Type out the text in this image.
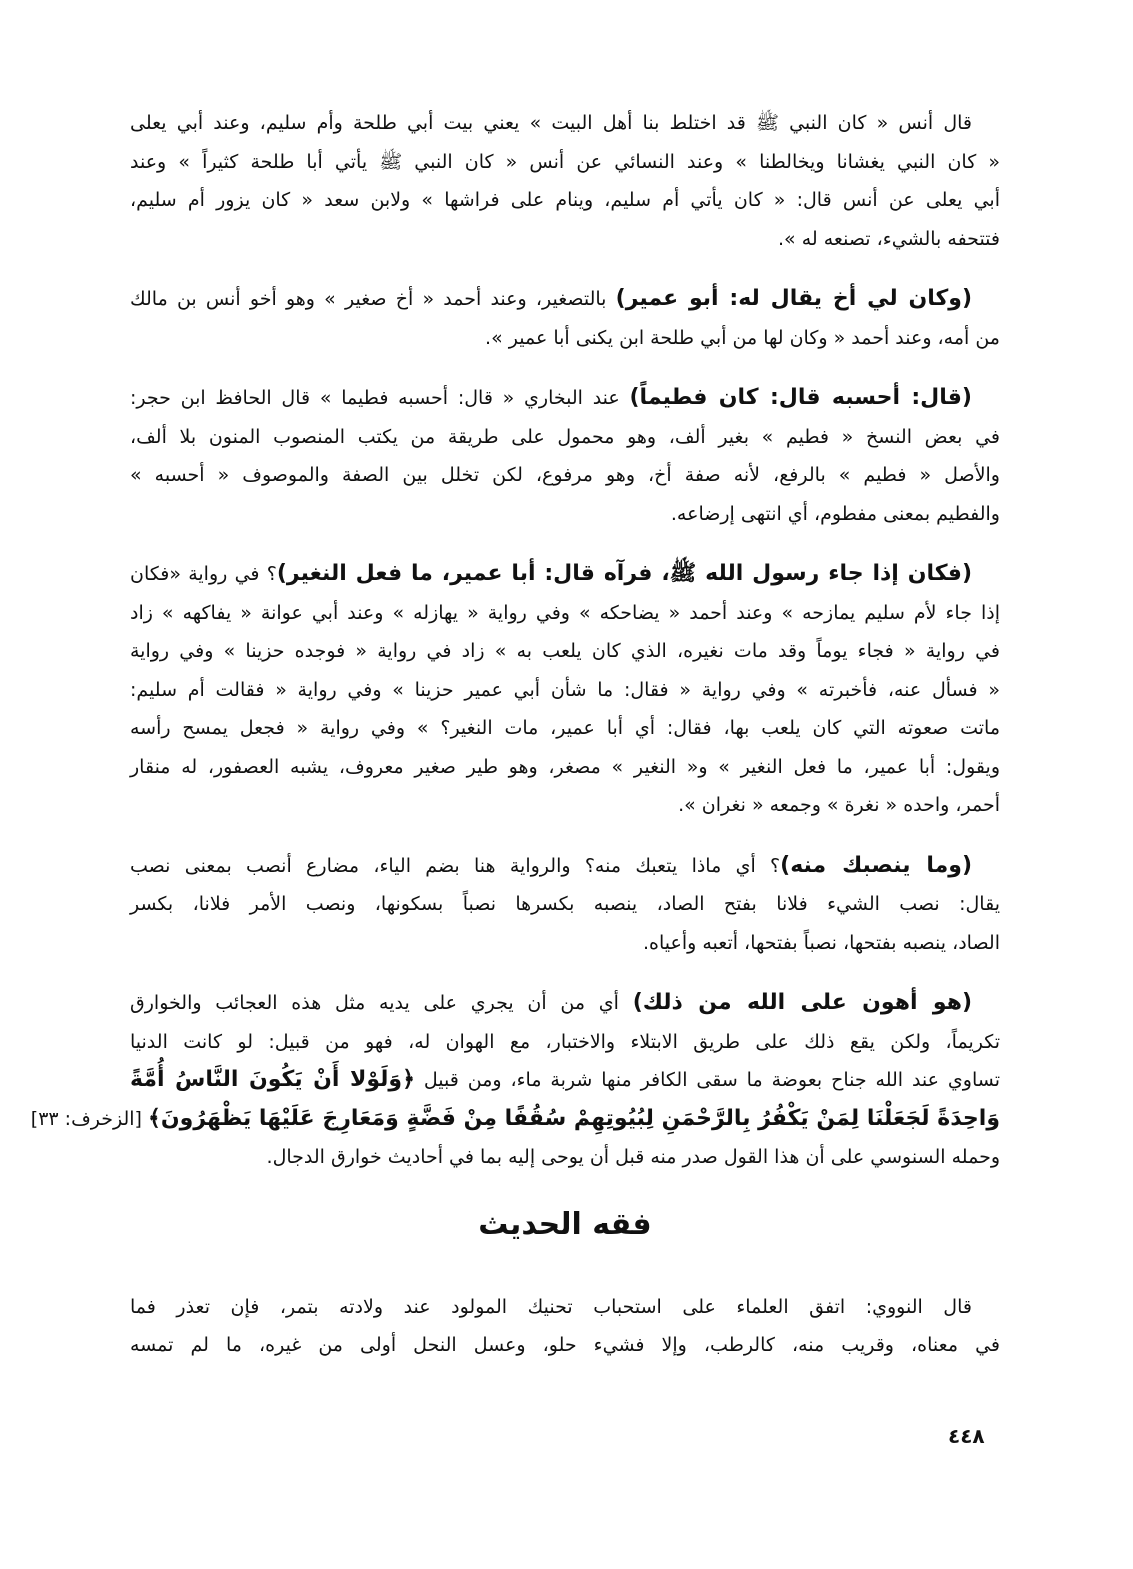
قال أنس « كان النبي ﷺ قد اختلط بنا أهل البيت » يعني بيت أبي طلحة وأم سليم، وعند أبي يعلى
« كان النبي يغشانا ويخالطنا » وعند النسائي عن أنس « كان النبي ﷺ يأتي أبا طلحة كثيراً » وعند
أبي يعلى عن أنس قال: « كان يأتي أم سليم، وينام على فراشها » ولابن سعد « كان يزور أم سليم،
فتتحفه بالشيء، تصنعه له ».
(وكان لي أخ يقال له: أبو عمير) بالتصغير، وعند أحمد « أخ صغير » وهو أخو أنس بن مالك
من أمه، وعند أحمد « وكان لها من أبي طلحة ابن يكنى أبا عمير ».
(قال: أحسبه قال: كان فطيماً) عند البخاري « قال: أحسبه فطيما » قال الحافظ ابن حجر:
في بعض النسخ « فطيم » بغير ألف، وهو محمول على طريقة من يكتب المنصوب المنون بلا ألف،
والأصل « فطيم » بالرفع، لأنه صفة أخ، وهو مرفوع، لكن تخلل بين الصفة والموصوف « أحسبه »
والفطيم بمعنى مفطوم، أي انتهى إرضاعه.
(فكان إذا جاء رسول الله ﷺ، فرآه قال: أبا عمير، ما فعل النغير)؟ في رواية «فكان
إذا جاء لأم سليم يمازحه » وعند أحمد « يضاحكه » وفي رواية « يهازله » وعند أبي عوانة « يفاكهه » زاد
في رواية « فجاء يوماً وقد مات نغيره، الذي كان يلعب به » زاد في رواية « فوجده حزينا » وفي رواية
« فسأل عنه، فأخبرته » وفي رواية « فقال: ما شأن أبي عمير حزينا » وفي رواية « فقالت أم سليم:
ماتت صعوته التي كان يلعب بها، فقال: أي أبا عمير، مات النغير؟ » وفي رواية « فجعل يمسح رأسه
ويقول: أبا عمير، ما فعل النغير » و« النغير » مصغر، وهو طير صغير معروف، يشبه العصفور، له منقار
أحمر، واحده « نغرة » وجمعه « نغران ».
(وما ينصبك منه)؟ أي ماذا يتعبك منه؟ والرواية هنا بضم الياء، مضارع أنصب بمعنى نصب
يقال: نصب الشيء فلانا بفتح الصاد، ينصبه بكسرها نصباً بسكونها، ونصب الأمر فلانا، بكسر
الصاد، ينصبه بفتحها، نصباً بفتحها، أتعبه وأعياه.
(هو أهون على الله من ذلك) أي من أن يجري على يديه مثل هذه العجائب والخوارق
تكريماً، ولكن يقع ذلك على طريق الابتلاء والاختبار، مع الهوان له، فهو من قبيل: لو كانت الدنيا
تساوي عند الله جناح بعوضة ما سقى الكافر منها شربة ماء، ومن قبيل ﴿وَلَوْلا أَنْ يَكُونَ النَّاسُ أُمَّةً
وَاحِدَةً لَجَعَلْنَا لِمَنْ يَكْفُرُ بِالرَّحْمَنِ لِبُيُوتِهِمْ سُقُفًا مِنْ فَضَّةٍ وَمَعَارِجَ عَلَيْهَا يَظْهَرُونَ﴾ [الزخرف: ٣٣]
وحمله السنوسي على أن هذا القول صدر منه قبل أن يوحى إليه بما في أحاديث خوارق الدجال.
فقه الحديث
قال النووي: اتفق العلماء على استحباب تحنيك المولود عند ولادته بتمر، فإن تعذر فما
في معناه، وقريب منه، كالرطب، وإلا فشيء حلو، وعسل النحل أولى من غيره، ما لم تمسه
٤٤٨
